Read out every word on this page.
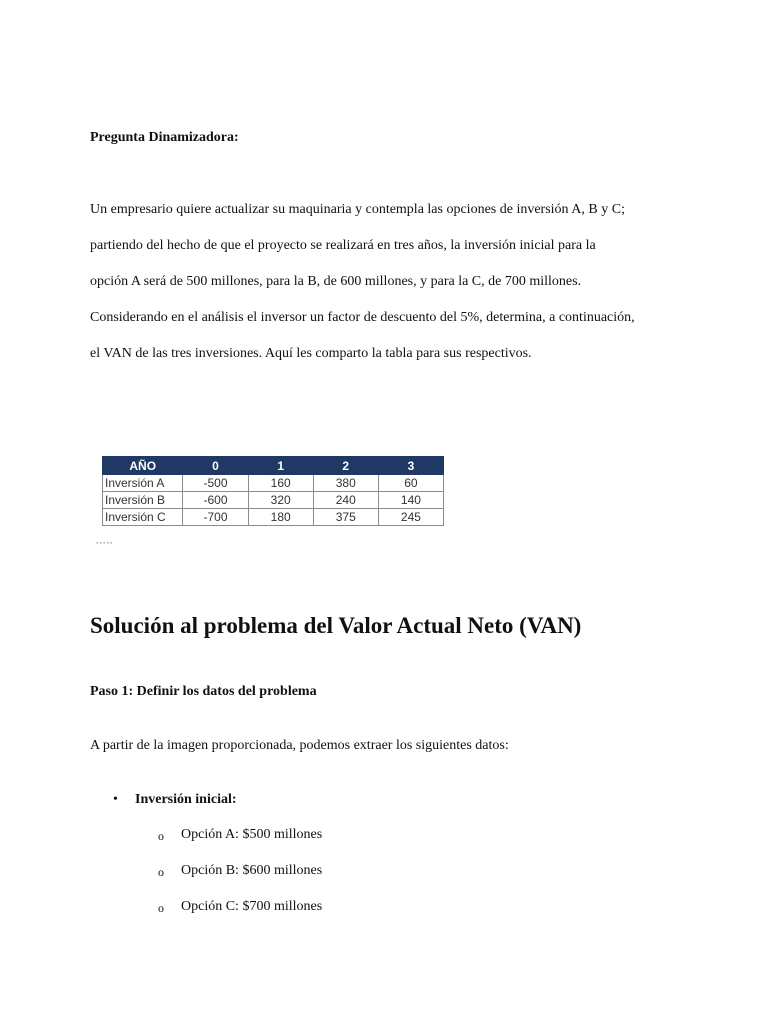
Pregunta Dinamizadora:
Un empresario quiere actualizar su maquinaria y contempla las opciones de inversión A, B y C;
partiendo del hecho de que el proyecto se realizará en tres años, la inversión inicial para la
opción A será de 500 millones, para la B, de 600 millones, y para la C, de 700 millones.
Considerando en el análisis el inversor un factor de descuento del 5%, determina, a continuación,
el VAN de las tres inversiones. Aquí les comparto la tabla para sus respectivos.
AÑO	0	1	2	3
Inversión A	-500	160	380	60
Inversión B	-600	320	240	140
Inversión C	-700	180	375	245
▪▪▪▪▪
Solución al problema del Valor Actual Neto (VAN)
Paso 1: Definir los datos del problema
A partir de la imagen proporcionada, podemos extraer los siguientes datos:
• Inversión inicial:
o Opción A: $500 millones
o Opción B: $600 millones
o Opción C: $700 millones
